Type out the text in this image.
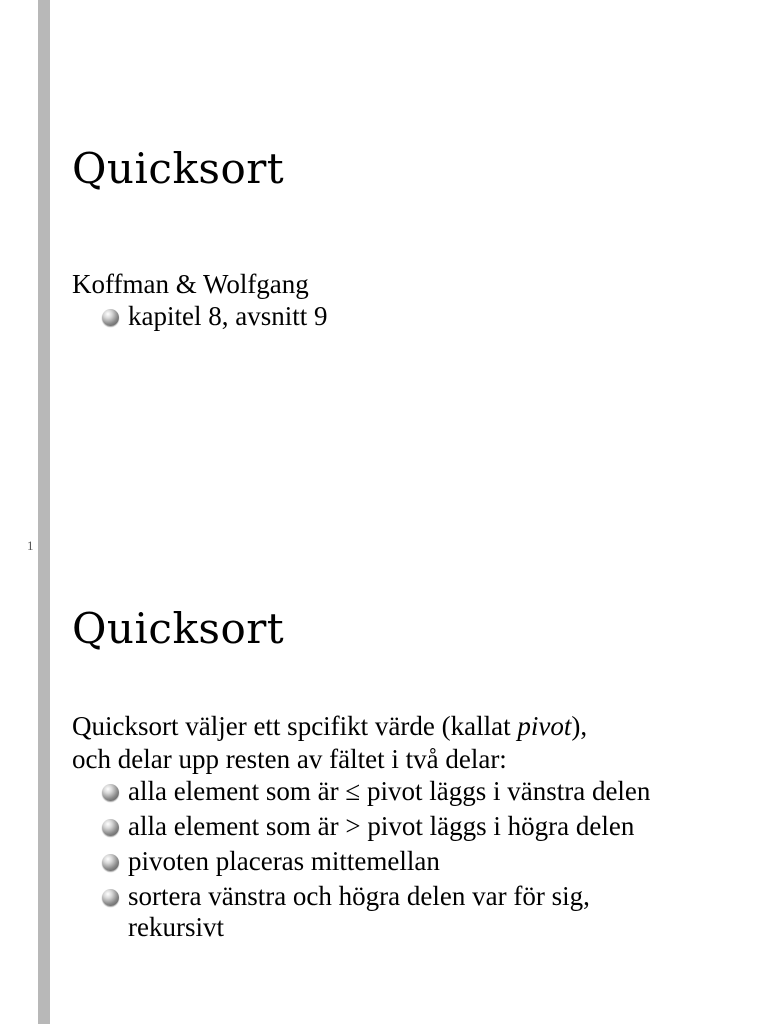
1
Quicksort
Koffman & Wolfgang
kapitel 8, avsnitt 9
Quicksort
Quicksort väljer ett spcifikt värde (kallat pivot),
och delar upp resten av fältet i två delar:
alla element som är ≤ pivot läggs i vänstra delen
alla element som är > pivot läggs i högra delen
pivoten placeras mittemellan
sortera vänstra och högra delen var för sig,
rekursivt
